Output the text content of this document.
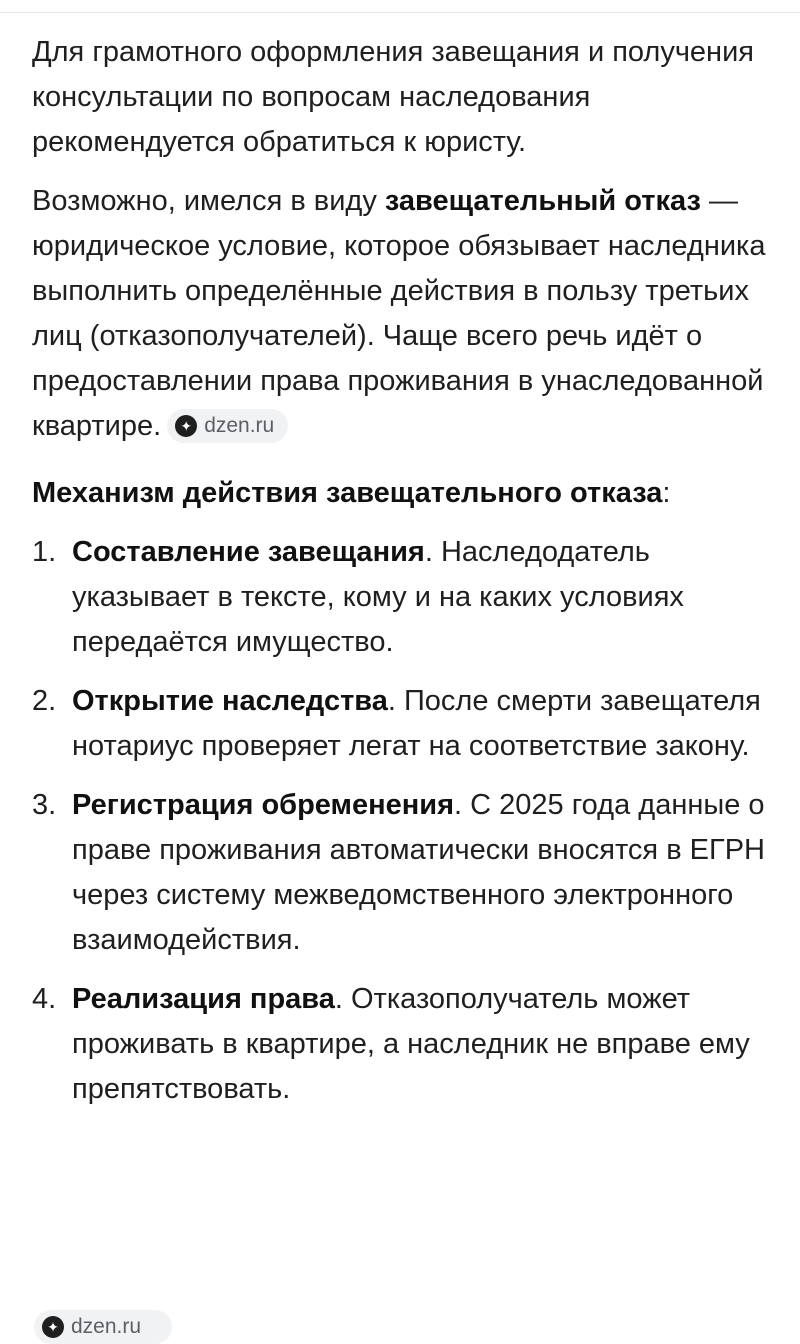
Для грамотного оформления завещания и получения консультации по вопросам наследования рекомендуется обратиться к юристу.

Возможно, имелся в виду завещательный отказ — юридическое условие, которое обязывает наследника выполнить определённые действия в пользу третьих лиц (отказополучателей). Чаще всего речь идёт о предоставлении права проживания в унаследованной квартире.	✦ dzen.ru

Механизм действия завещательного отказа:

1. Составление завещания. Наследодатель указывает в тексте, кому и на каких условиях передаётся имущество.
2. Открытие наследства. После смерти завещателя нотариус проверяет легат на соответствие закону.
3. Регистрация обременения. С 2025 года данные о праве проживания автоматически вносятся в ЕГРН через систему межведомственного электронного взаимодействия.
4. Реализация права. Отказополучатель может проживать в квартире, а наследник не вправе ему препятствовать.
✦ dzen.ru
